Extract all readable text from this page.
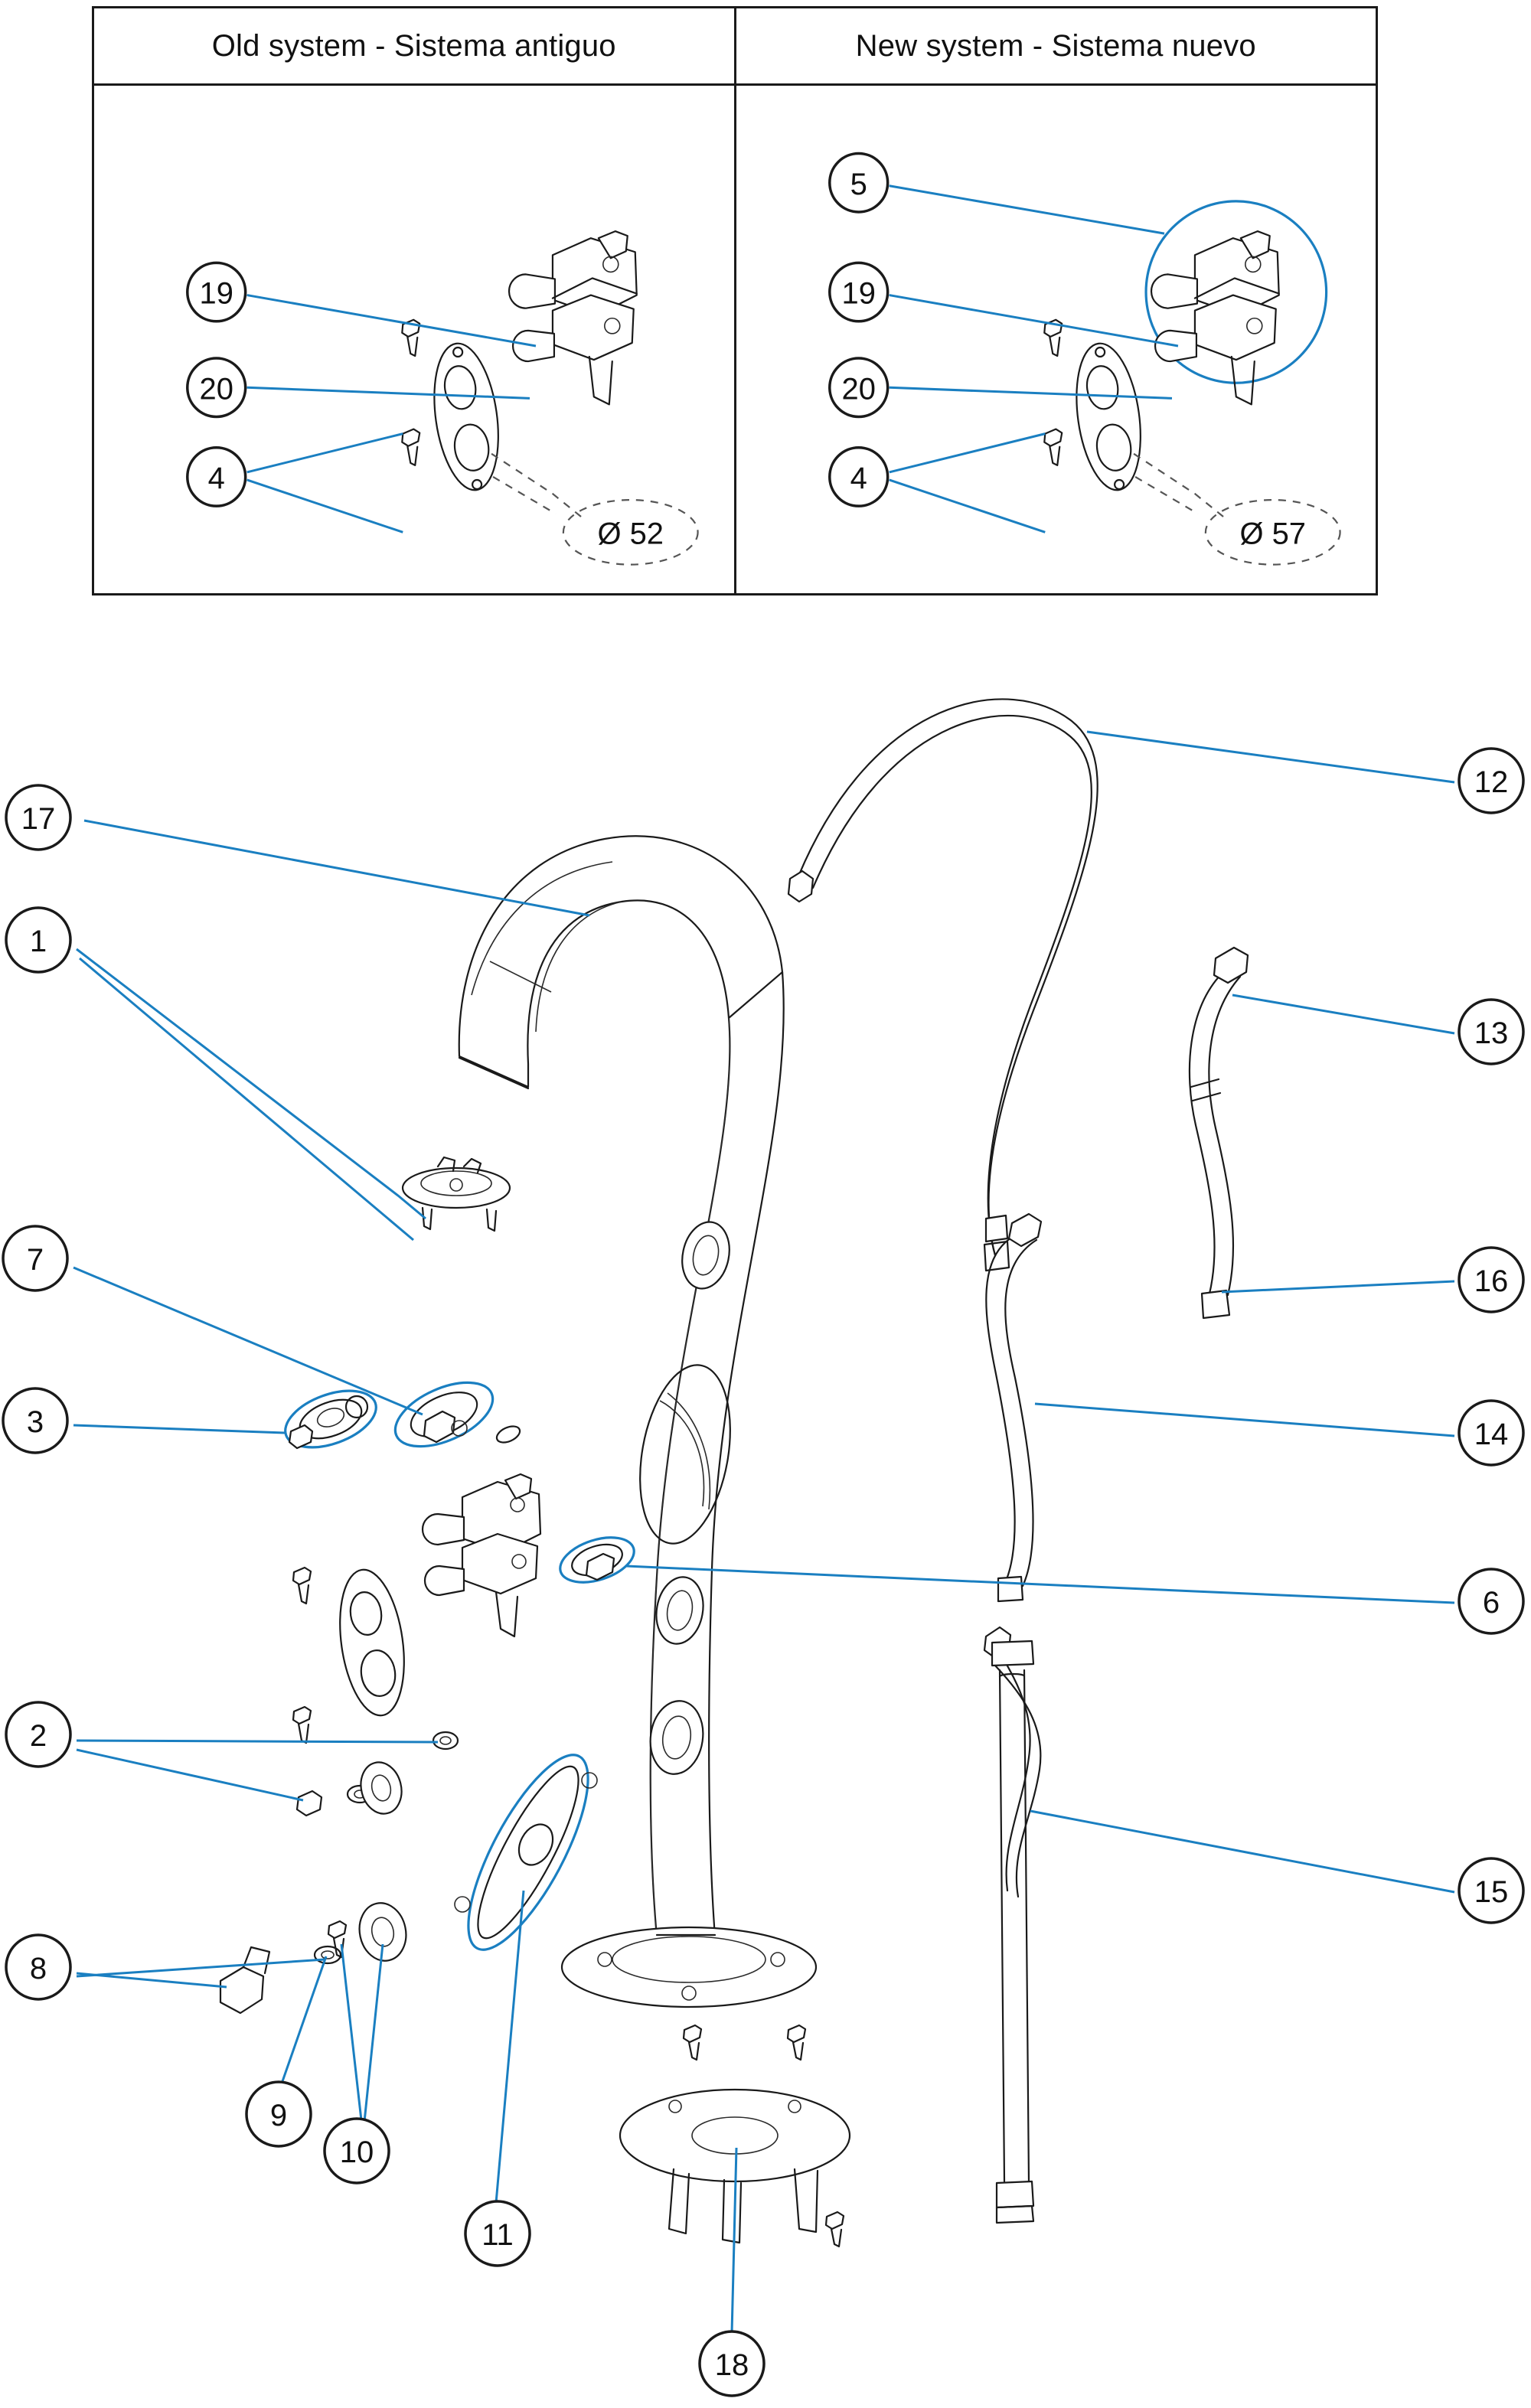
Old system - Sistema antiguo	New system - Sistema nuevo
Ø 52
19
20
4
Ø 57
5
19
20
4
17
1
7
3
2
8
9
10
11
18
12
13
16
14
6
15
